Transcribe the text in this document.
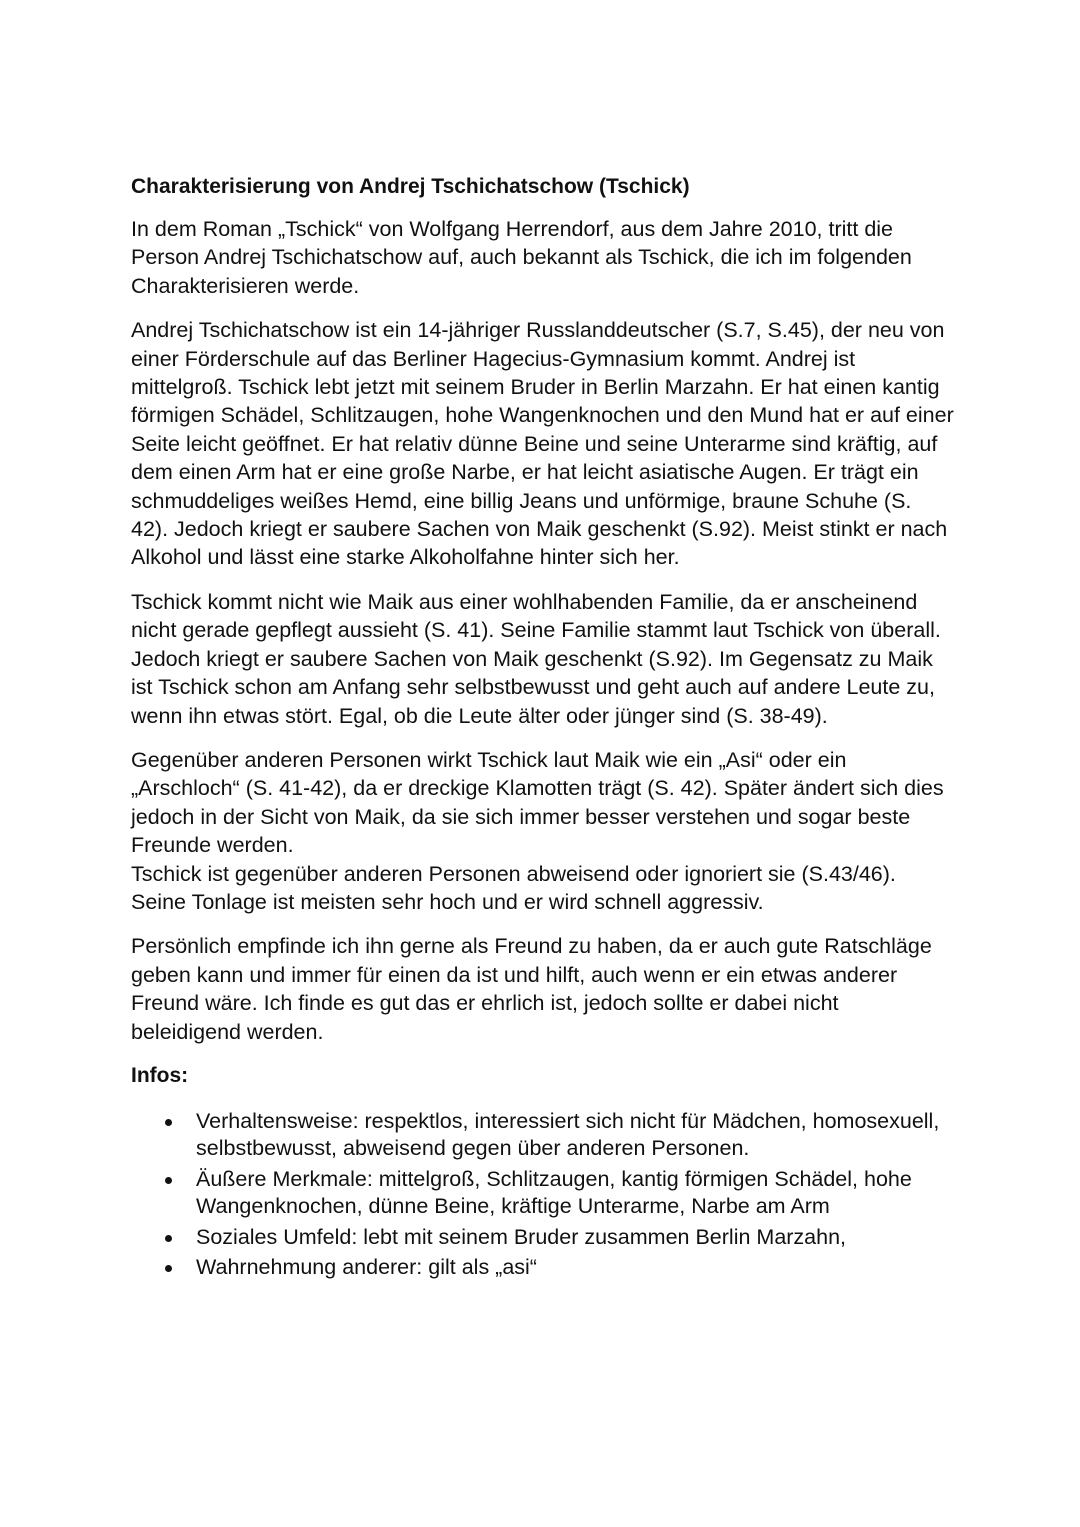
Charakterisierung von Andrej Tschichatschow (Tschick)

In dem Roman „Tschick“ von Wolfgang Herrendorf, aus dem Jahre 2010, tritt die Person Andrej Tschichatschow auf, auch bekannt als Tschick, die ich im folgenden Charakterisieren werde.

Andrej Tschichatschow ist ein 14-jähriger Russlanddeutscher (S.7, S.45), der neu von einer Förderschule auf das Berliner Hagecius-Gymnasium kommt. Andrej ist mittelgroß. Tschick lebt jetzt mit seinem Bruder in Berlin Marzahn. Er hat einen kantig förmigen Schädel, Schlitzaugen, hohe Wangenknochen und den Mund hat er auf einer Seite leicht geöffnet. Er hat relativ dünne Beine und seine Unterarme sind kräftig, auf dem einen Arm hat er eine große Narbe, er hat leicht asiatische Augen. Er trägt ein schmuddeliges weißes Hemd, eine billig Jeans und unförmige, braune Schuhe (S. 42). Jedoch kriegt er saubere Sachen von Maik geschenkt (S.92). Meist stinkt er nach Alkohol und lässt eine starke Alkoholfahne hinter sich her.

Tschick kommt nicht wie Maik aus einer wohlhabenden Familie, da er anscheinend nicht gerade gepflegt aussieht (S. 41). Seine Familie stammt laut Tschick von überall. Jedoch kriegt er saubere Sachen von Maik geschenkt (S.92). Im Gegensatz zu Maik ist Tschick schon am Anfang sehr selbstbewusst und geht auch auf andere Leute zu, wenn ihn etwas stört. Egal, ob die Leute älter oder jünger sind (S. 38-49).

Gegenüber anderen Personen wirkt Tschick laut Maik wie ein „Asi“ oder ein „Arschloch“ (S. 41-42), da er dreckige Klamotten trägt (S. 42). Später ändert sich dies jedoch in der Sicht von Maik, da sie sich immer besser verstehen und sogar beste Freunde werden.

Tschick ist gegenüber anderen Personen abweisend oder ignoriert sie (S.43/46). Seine Tonlage ist meisten sehr hoch und er wird schnell aggressiv.

Persönlich empfinde ich ihn gerne als Freund zu haben, da er auch gute Ratschläge geben kann und immer für einen da ist und hilft, auch wenn er ein etwas anderer Freund wäre. Ich finde es gut das er ehrlich ist, jedoch sollte er dabei nicht beleidigend werden.

Infos:
Verhaltensweise: respektlos, interessiert sich nicht für Mädchen, homosexuell, selbstbewusst, abweisend gegen über anderen Personen.
Äußere Merkmale: mittelgroß, Schlitzaugen, kantig förmigen Schädel, hohe Wangenknochen, dünne Beine, kräftige Unterarme, Narbe am Arm
Soziales Umfeld: lebt mit seinem Bruder zusammen Berlin Marzahn,
Wahrnehmung anderer: gilt als „asi“
